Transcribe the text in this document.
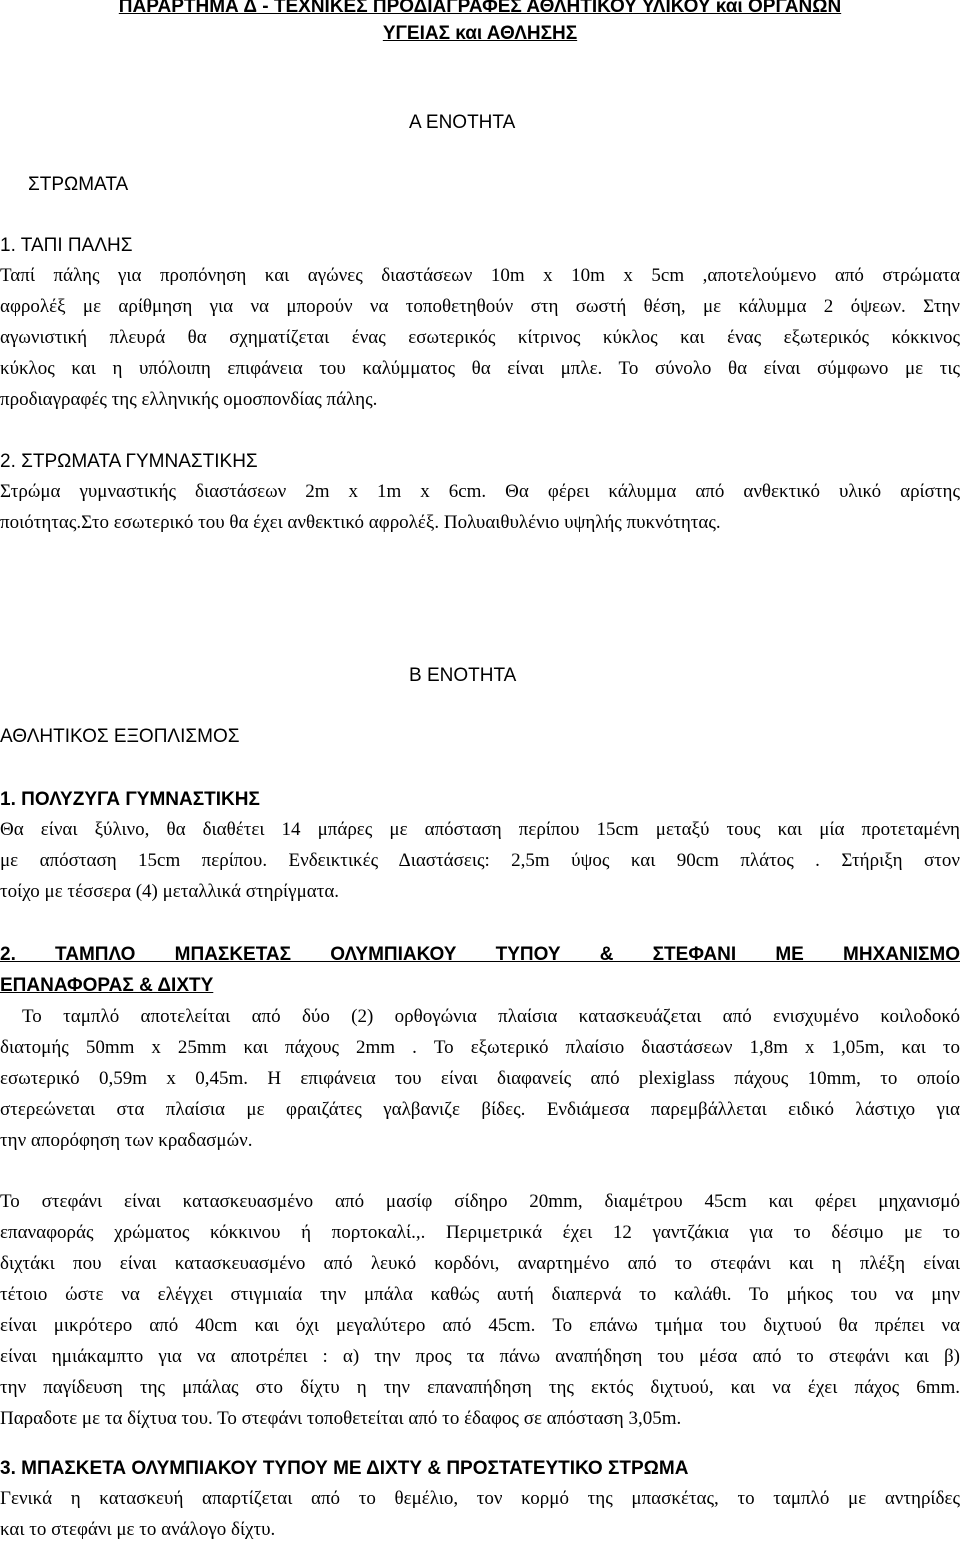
ΠΑΡΑΡΤΗΜΑ Δ - ΤΕΧΝΙΚΕΣ ΠΡΟΔΙΑΓΡΑΦΕΣ ΑΘΛΗΤΙΚΟΥ ΥΛΙΚΟΥ και ΟΡΓΑΝΩΝ
ΥΓΕΙΑΣ και ΑΘΛΗΣΗΣ
Α ΕΝΟΤΗΤΑ
ΣΤΡΩΜΑΤΑ
1. ΤΑΠΙ ΠΑΛΗΣ
Ταπί πάλης για προπόνηση και αγώνες διαστάσεων 10m x 10m x 5cm ,αποτελούμενο από στρώματα
αφρολέξ με αρίθμηση για να μπορούν να τοποθετηθούν στη σωστή θέση, με κάλυμμα 2 όψεων. Στην
αγωνιστική πλευρά θα σχηματίζεται ένας εσωτερικός κίτρινος κύκλος και ένας εξωτερικός κόκκινος
κύκλος και η υπόλοιπη επιφάνεια του καλύμματος θα είναι μπλε. Το σύνολο θα είναι σύμφωνο με τις
προδιαγραφές της ελληνικής ομοσπονδίας πάλης.
2. ΣΤΡΩΜΑΤΑ ΓΥΜΝΑΣΤΙΚΗΣ
Στρώμα γυμναστικής διαστάσεων 2m x 1m x 6cm. Θα φέρει κάλυμμα από ανθεκτικό υλικό αρίστης
ποιότητας.Στο εσωτερικό του θα έχει ανθεκτικό αφρολέξ. Πολυαιθυλένιο υψηλής πυκνότητας.
Β ΕΝΟΤΗΤΑ
ΑΘΛΗΤΙΚΟΣ ΕΞΟΠΛΙΣΜΟΣ
1. ΠΟΛΥΖΥΓΑ ΓΥΜΝΑΣΤΙΚΗΣ
Θα είναι ξύλινο, θα διαθέτει 14 μπάρες με απόσταση περίπου 15cm μεταξύ τους και μία προτεταμένη
με απόσταση 15cm περίπου. Ενδεικτικές Διαστάσεις: 2,5m ύψος και 90cm πλάτος . Στήριξη στον
τοίχο με τέσσερα (4) μεταλλικά στηρίγματα.
2. ΤΑΜΠΛΟ ΜΠΑΣΚΕΤΑΣ ΟΛΥΜΠΙΑΚΟΥ ΤΥΠΟΥ & ΣΤΕΦΑΝΙ ΜΕ ΜΗΧΑΝΙΣΜΟ
ΕΠΑΝΑΦΟΡΑΣ & ΔΙΧΤΥ
Το ταμπλό αποτελείται από δύο (2) ορθογώνια πλαίσια κατασκευάζεται από ενισχυμένο κοιλοδοκό
διατομής 50mm x 25mm και πάχους 2mm . Το εξωτερικό πλαίσιο διαστάσεων 1,8m x 1,05m, και το
εσωτερικό 0,59m x 0,45m. Η επιφάνεια του είναι διαφανείς από plexiglass πάχους 10mm, το οποίο
στερεώνεται στα πλαίσια με φραιζάτες γαλβανιζε βίδες. Ενδιάμεσα παρεμβάλλεται ειδικό λάστιχο για
την απορόφηση των κραδασμών.
Το στεφάνι είναι κατασκευασμένο από μασίφ σίδηρο 20mm, διαμέτρου 45cm και φέρει μηχανισμό
επαναφοράς χρώματος κόκκινου ή πορτοκαλί.,. Περιμετρικά έχει 12 γαντζάκια για το δέσιμο με το
διχτάκι που είναι κατασκευασμένο από λευκό κορδόνι, αναρτημένο από το στεφάνι και η πλέξη είναι
τέτοιο ώστε να ελέγχει στιγμιαία την μπάλα καθώς αυτή διαπερνά το καλάθι. Το μήκος του να μην
είναι μικρότερο από 40cm και όχι μεγαλύτερο από 45cm. Το επάνω τμήμα του διχτυού θα πρέπει να
είναι ημιάκαμπτο για να αποτρέπει : α) την προς τα πάνω αναπήδηση του μέσα από το στεφάνι και β)
την παγίδευση της μπάλας στο δίχτυ η την επαναπήδηση της εκτός διχτυού, και να έχει πάχος 6mm.
Παραδοτε με τα δίχτυα του. Το στεφάνι τοποθετείται από το έδαφος σε απόσταση 3,05m.
3. ΜΠΑΣΚΕΤΑ ΟΛΥΜΠΙΑΚΟΥ ΤΥΠΟΥ ΜΕ ΔΙΧΤΥ & ΠΡΟΣΤΑΤΕΥΤΙΚΟ ΣΤΡΩΜΑ
Γενικά η κατασκευή απαρτίζεται από το θεμέλιο, τον κορμό της μπασκέτας, το ταμπλό με αντηρίδες
και το στεφάνι με το ανάλογο δίχτυ.
